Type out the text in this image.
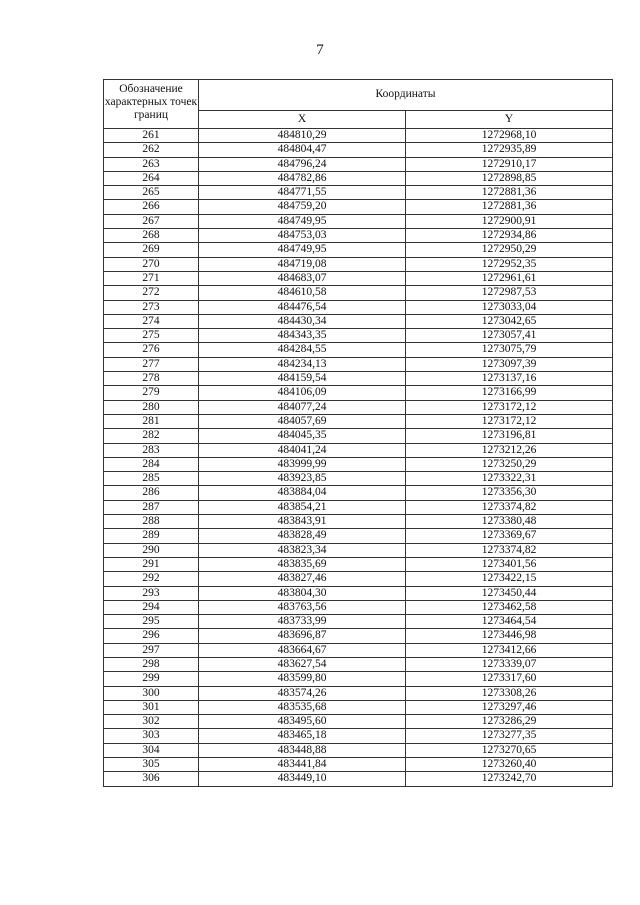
7
Обозначение характерных точек границ	Координаты	
	X	Y
261	484810,29	1272968,10
262	484804,47	1272935,89
263	484796,24	1272910,17
264	484782,86	1272898,85
265	484771,55	1272881,36
266	484759,20	1272881,36
267	484749,95	1272900,91
268	484753,03	1272934,86
269	484749,95	1272950,29
270	484719,08	1272952,35
271	484683,07	1272961,61
272	484610,58	1272987,53
273	484476,54	1273033,04
274	484430,34	1273042,65
275	484343,35	1273057,41
276	484284,55	1273075,79
277	484234,13	1273097,39
278	484159,54	1273137,16
279	484106,09	1273166,99
280	484077,24	1273172,12
281	484057,69	1273172,12
282	484045,35	1273196,81
283	484041,24	1273212,26
284	483999,99	1273250,29
285	483923,85	1273322,31
286	483884,04	1273356,30
287	483854,21	1273374,82
288	483843,91	1273380,48
289	483828,49	1273369,67
290	483823,34	1273374,82
291	483835,69	1273401,56
292	483827,46	1273422,15
293	483804,30	1273450,44
294	483763,56	1273462,58
295	483733,99	1273464,54
296	483696,87	1273446,98
297	483664,67	1273412,66
298	483627,54	1273339,07
299	483599,80	1273317,60
300	483574,26	1273308,26
301	483535,68	1273297,46
302	483495,60	1273286,29
303	483465,18	1273277,35
304	483448,88	1273270,65
305	483441,84	1273260,40
306	483449,10	1273242,70
